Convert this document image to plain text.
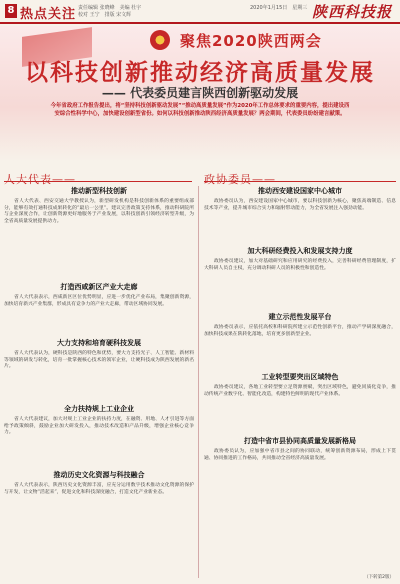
8 热点关注 责任编辑 张晓峰　美编 杜宇
校对 王宁　排版 宋文辉
2020年1月15日　星期三 陕西科技报
聚焦2020陕西两会
以科技创新推动经济高质量发展
—— 代表委员建言陕西创新驱动发展
今年省政府工作报告提出，将“坚持科技创新驱动发展”“推动高质量发展”作为2020年工作总体要求的重要内容，提出建设西安综合性科学中心，加快建设创新型省份。如何以科技创新推动陕西经济高质量发展？两会期间，代表委员纷纷建言献策。
人大代表——	政协委员——
推动新型科技创新
省人大代表、西安交通大学教授认为，新型研发机构是科技创新体系的重要组成部分，能够有效打通科技成果转化的“最后一公里”。建议完善政策支持体系，推动科研院所与企业深度合作，让创新资源更好地服务于产业发展，以科技创新引领经济转型升级，为全省高质量发展提供动力。
打造西咸新区产业大走廊
省人大代表表示，西咸新区区位优势明显，应进一步优化产业布局，集聚创新资源，加快培育新兴产业集群，形成具有竞争力的产业大走廊，带动区域协同发展。
大力支持和培育硬科技发展
省人大代表认为，硬科技是陕西的特色和优势，要大力支持光子、人工智能、新材料等领域的研发与转化，培育一批掌握核心技术的领军企业，让硬科技成为陕西发展的新名片。
全力扶持规上工业企业
省人大代表建议，加大对规上工业企业的扶持力度，在融资、用地、人才引进等方面给予政策倾斜，鼓励企业加大研发投入，推动技术改造和产品升级，增强企业核心竞争力。
推动历史文化资源与科技融合
省人大代表表示，陕西历史文化资源丰富，应充分运用数字技术推动文化资源的保护与开发，让文物“活起来”，促进文化和科技深度融合，打造文化产业新业态。
推动西安建设国家中心城市
政协委员认为，西安建设国家中心城市，要以科技创新为核心，聚焦高端制造、信息技术等产业，提升城市综合实力和辐射带动能力，为全省发展注入强劲动能。
加大科研经费投入和发展支持力度
政协委员建议，加大对基础研究和应用研究的经费投入，完善科研经费管理制度，扩大科研人员自主权，充分调动科研人员的积极性和创造性。
建立示范性发展平台
政协委员表示，应依托高校和科研院所建立示范性创新平台，推动产学研深度融合，加快科技成果在陕转化落地，培育更多创新型企业。
工业转型要突出区域特色
政协委员建议，各地工业转型要立足资源禀赋，突出区域特色，避免同质化竞争，推动传统产业数字化、智能化改造，构建特色鲜明的现代产业体系。
打造中省市县协同高质量发展新格局
政协委员认为，应加强中省市县之间的协同联动，统筹创新资源布局，形成上下贯通、协同推进的工作格局，共同推动全省经济高质量发展。
（下转第2版）
